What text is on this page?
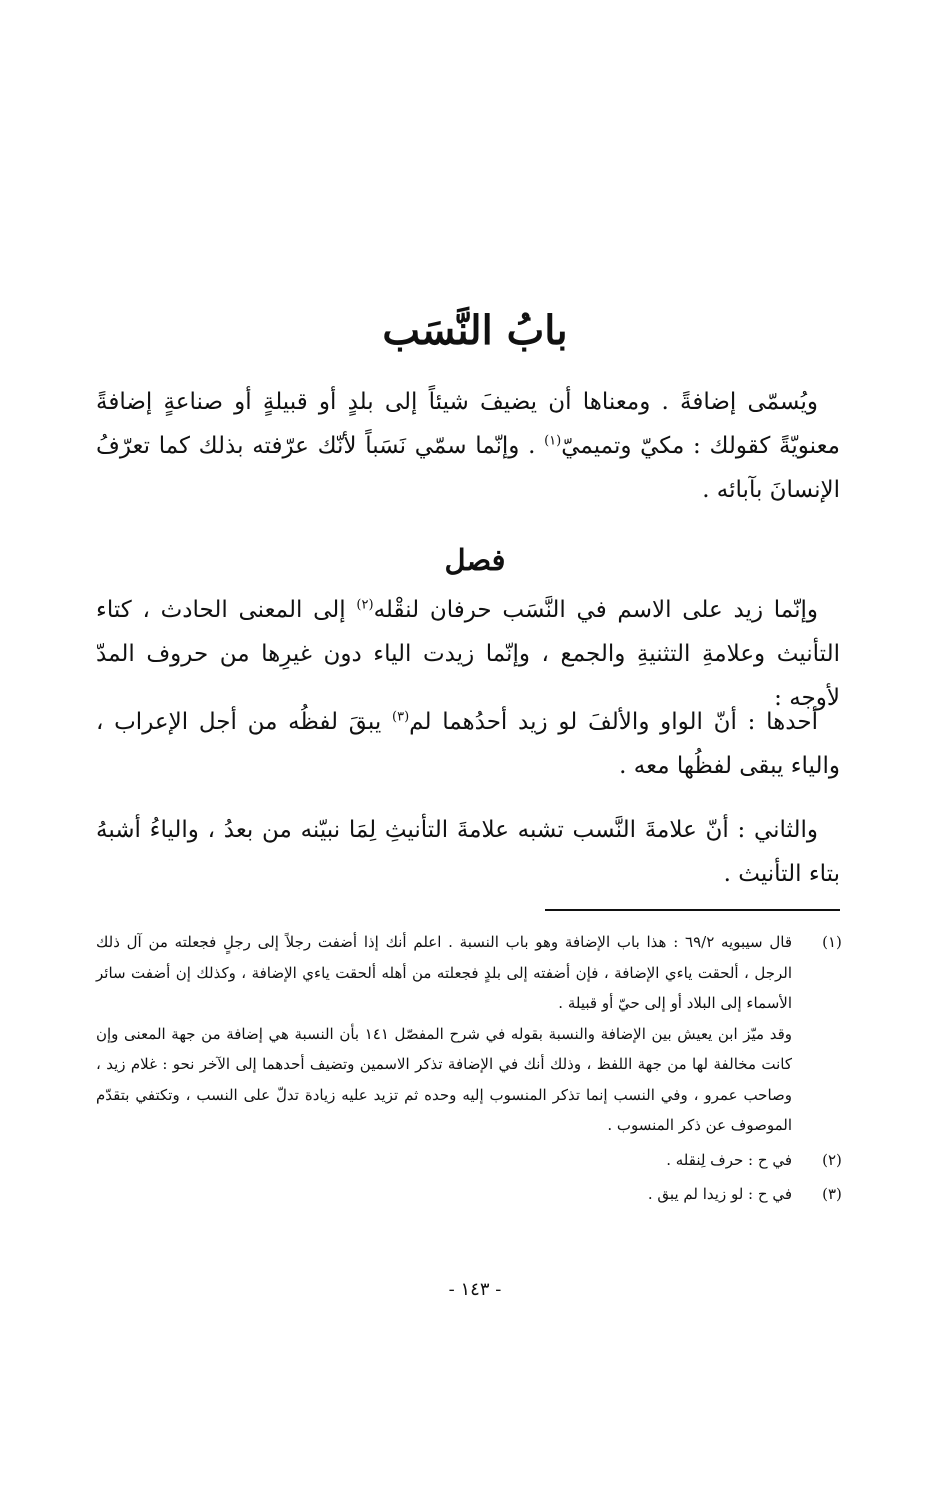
بابُ النَّسَب

ويُسمّى إضافةً . ومعناها أن يضيفَ شيئاً إلى بلدٍ أو قبيلةٍ أو صناعةٍ إضافةً معنويّةً كقولك : مكيّ وتميميّ$^{(١)}$ . وإنّما سمّي نَسَباً لأنّك عرّفته بذلك كما تعرّفُ الإنسانَ بآبائه .

فصل

وإنّما زيد على الاسم في النَّسَب حرفان لنقْله$^{(٢)}$ إلى المعنى الحادث ، كتاء التأنيث وعلامةِ التثنيةِ والجمع ، وإنّما زيدت الياء دون غيرِها من حروف المدّ لأوجه :

أحدها : أنّ الواو والألفَ لو زيد أحدُهما لم$^{(٣)}$ يبقَ لفظُه من أجل الإعراب ، والياء يبقى لفظُها معه .

والثاني : أنّ علامةَ النَّسب تشبه علامةَ التأنيثِ لِمَا نبيّنه من بعدُ ، والياءُ أشبهُ بتاء التأنيث .

(١)
قال سيبويه ٦٩/٢ : هذا باب الإضافة وهو باب النسبة . اعلم أنك إذا أضفت رجلاً إلى رجلٍ فجعلته من آل ذلك الرجل ، ألحقت ياءي الإضافة ، فإن أضفته إلى بلدٍ فجعلته من أهله ألحقت ياءي الإضافة ، وكذلك إن أضفت سائر الأسماء إلى البلاد أو إلى حيّ أو قبيلة .
وقد ميّز ابن يعيش بين الإضافة والنسبة بقوله في شرح المفصّل ١٤١ بأن النسبة هي إضافة من جهة المعنى وإن كانت مخالفة لها من جهة اللفظ ، وذلك أنك في الإضافة تذكر الاسمين وتضيف أحدهما إلى الآخر نحو : غلام زيد ، وصاحب عمرو ، وفي النسب إنما تذكر المنسوب إليه وحده ثم تزيد عليه زيادة تدلّ على النسب ، وتكتفي بتقدّم الموصوف عن ذكر المنسوب .
(٢)
في ح : حرف لِنقله .
(٣)
في ح : لو زيدا لم يبق .

- ١٤٣ -
